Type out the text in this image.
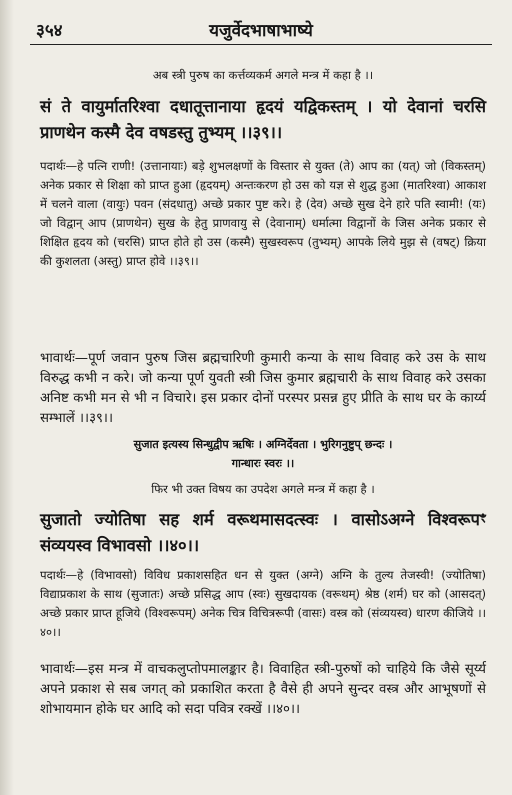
३५४	यजुर्वेदभाषाभाष्ये
अब स्त्री पुरुष का कर्त्तव्यकर्म अगले मन्त्र में कहा है ।।
सं ते वायुर्मातरिश्वा दधातूत्तानाया हृदयं यद्विकस्तम् । यो देवानां चरसि प्राणथेन कस्मै देव वषडस्तु तुभ्यम् ।।३९।।
पदार्थः—हे पत्नि राणी! (उत्तानायाः) बड़े शुभलक्षणों के विस्तार से युक्त (ते) आप का (यत्) जो (विकस्तम्) अनेक प्रकार से शिक्षा को प्राप्त हुआ (हृदयम्) अन्तःकरण हो उस को यज्ञ से शुद्ध हुआ (मातरिश्वा) आकाश में चलने वाला (वायुः) पवन (संदधातु) अच्छे प्रकार पुष्ट करे। हे (देव) अच्छे सुख देने हारे पति स्वामी! (यः) जो विद्वान् आप (प्राणथेन) सुख के हेतु प्राणवायु से (देवानाम्) धर्मात्मा विद्वानों के जिस अनेक प्रकार से शिक्षित हृदय को (चरसि) प्राप्त होते हो उस (कस्मै) सुखस्वरूप (तुभ्यम्) आपके लिये मुझ से (वषट्) क्रिया की कुशलता (अस्तु) प्राप्त होवे ।।३९।।
भावार्थः—पूर्ण जवान पुरुष जिस ब्रह्मचारिणी कुमारी कन्या के साथ विवाह करे उस के साथ विरुद्ध कभी न करे। जो कन्या पूर्ण युवती स्त्री जिस कुमार ब्रह्मचारी के साथ विवाह करे उसका अनिष्ट कभी मन से भी न विचारे। इस प्रकार दोनों परस्पर प्रसन्न हुए प्रीति के साथ घर के कार्य्य सम्भालें ।।३९।।
सुजात इत्यस्य सिन्धुद्वीप ऋषिः । अग्निर्देवता । भुरिगनुष्टुप् छन्दः ।
गान्धारः स्वरः ।।
फिर भी उक्त विषय का उपदेश अगले मन्त्र में कहा है ।
सुजातो ज्योतिषा सह शर्म वरूथमासदत्स्वः । वासोऽअग्ने विश्वरूपꣳ संव्ययस्व विभावसो ।।४०।।
पदार्थः—हे (विभावसो) विविध प्रकाशसहित धन से युक्त (अग्ने) अग्नि के तुल्य तेजस्वी! (ज्योतिषा) विद्याप्रकाश के साथ (सुजातः) अच्छे प्रसिद्ध आप (स्वः) सुखदायक (वरूथम्) श्रेष्ठ (शर्म) घर को (आसदत्) अच्छे प्रकार प्राप्त हूजिये (विश्वरूपम्) अनेक चित्र विचित्ररूपी (वासः) वस्त्र को (संव्ययस्व) धारण कीजिये ।।४०।।
भावार्थः—इस मन्त्र में वाचकलुप्तोपमालङ्कार है। विवाहित स्त्री-पुरुषों को चाहिये कि जैसे सूर्य्य अपने प्रकाश से सब जगत् को प्रकाशित करता है वैसे ही अपने सुन्दर वस्त्र और आभूषणों से शोभायमान होके घर आदि को सदा पवित्र रक्खें ।।४०।।
